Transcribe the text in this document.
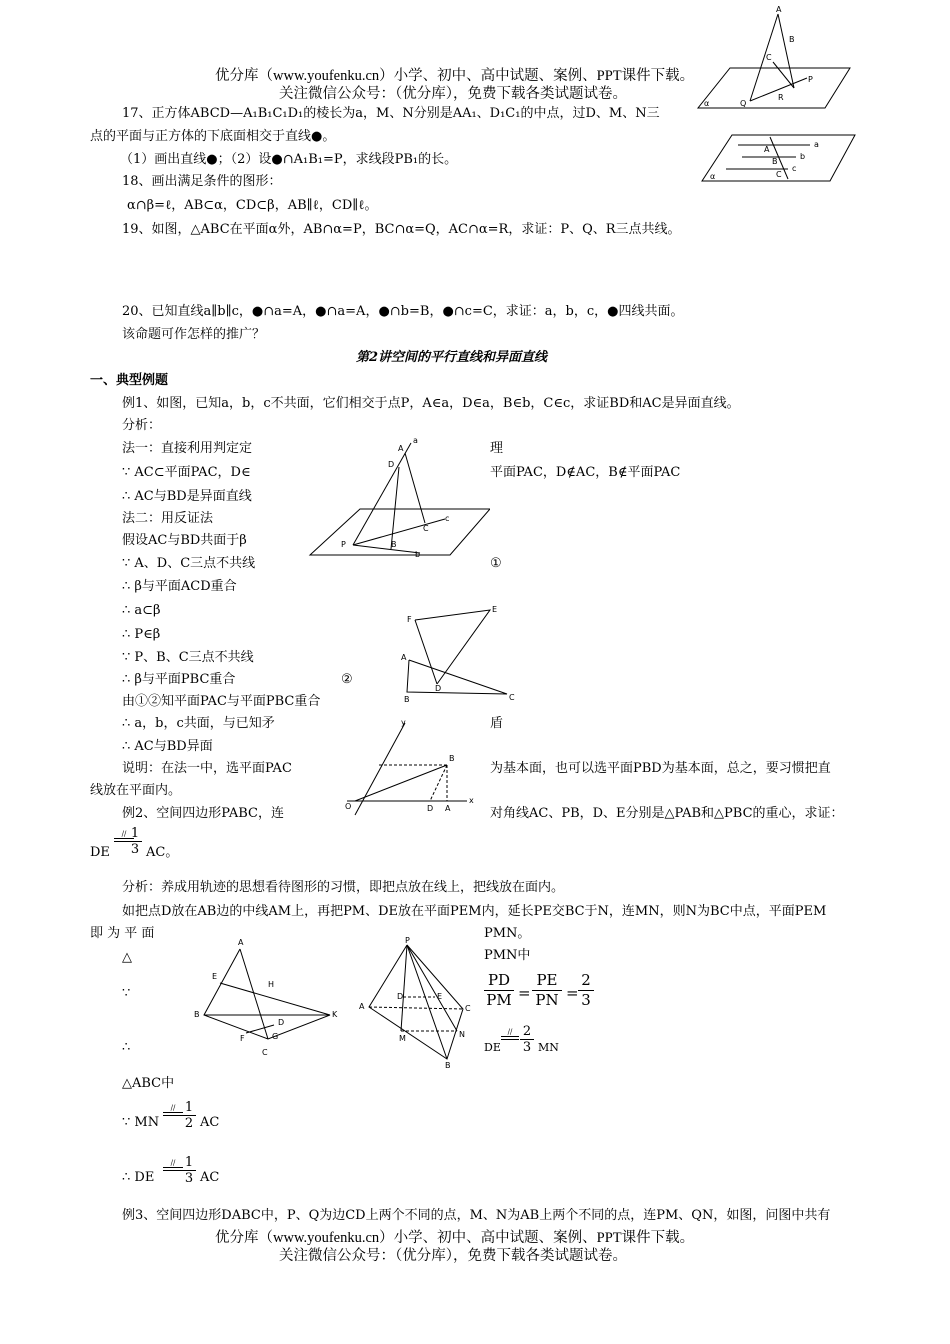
优分库（www.youfenku.cn）小学、初中、高中试题、案例、PPT课件下载。
关注微信公众号：（优分库），免费下载各类试题试卷。
17、正方体ABCD—A₁B₁C₁D₁的棱长为a，M、N分别是AA₁、D₁C₁的中点，过D、M、N三
点的平面与正方体的下底面相交于直线●。
（1）画出直线●；（2）设●∩A₁B₁=P，求线段PB₁的长。
18、画出满足条件的图形：
α∩β=ℓ，AB⊂α，CD⊂β，AB∥ℓ，CD∥ℓ。
19、如图，△ABC在平面α外，AB∩α=P，BC∩α=Q，AC∩α=R，求证：P、Q、R三点共线。
20、已知直线a∥b∥c，●∩a=A，●∩a=A，●∩b=B，●∩c=C，求证：a，b，c，●四线共面。
该命题可作怎样的推广？
第2讲空间的平行直线和异面直线
一、典型例题
例1、如图，已知a，b，c不共面，它们相交于点P，A∈a，D∈a，B∈b，C∈c，求证BD和AC是异面直线。
分析：
法一：直接利用判定定	理
∵ AC⊂平面PAC，D∈	平面PAC，D∉AC，B∉平面PAC
∴ AC与BD是异面直线
法二：用反证法
假设AC与BD共面于β
∵ A、D、C三点不共线	①
∴ β与平面ACD重合
∴ a⊂β
∴ P∈β
∵ P、B、C三点不共线
∴ β与平面PBC重合	②
由①②知平面PAC与平面PBC重合
∴ a，b，c共面，与已知矛	盾
∴ AC与BD异面
说明：在法一中，选平面PAC	为基本面，也可以选平面PBD为基本面，总之，要习惯把直
线放在平面内。
例2、空间四边形PABC，连	对角线AC、PB，D、E分别是△PAB和△PBC的重心，求证：
DE
// 1
3 AC。
分析：养成用轨迹的思想看待图形的习惯，即把点放在线上，把线放在面内。
如把点D放在AB边的中线AM上，再把PM、DE放在平面PEM内，延长PE交BC于N，连MN，则N为BC中点，平面PEM
即 为 平 面	PMN。
△	PMN中
∵
PD
PM =
PE
PN =
2
3
∴	DE
// 2
3 MN
△ABC中
∵ MN
// 1
2 AC
∴ DE
// 1
3 AC
例3、空间四边形DABC中，P、Q为边CD上两个不同的点，M、N为AB上两个不同的点，连PM、QN，如图，问图中共有
优分库（www.youfenku.cn）小学、初中、高中试题、案例、PPT课件下载。
关注微信公众号：（优分库），免费下载各类试题试卷。
A
B
C
P
R
Q
α
a
b
c
A
B
C
α
a
A
D
C
c
P	B
b
F
E
A
D
B	C
x
y
B
O	D A
A
E
H
B	K
D
G
F
C
P
A
D	E
C
M	N
B
